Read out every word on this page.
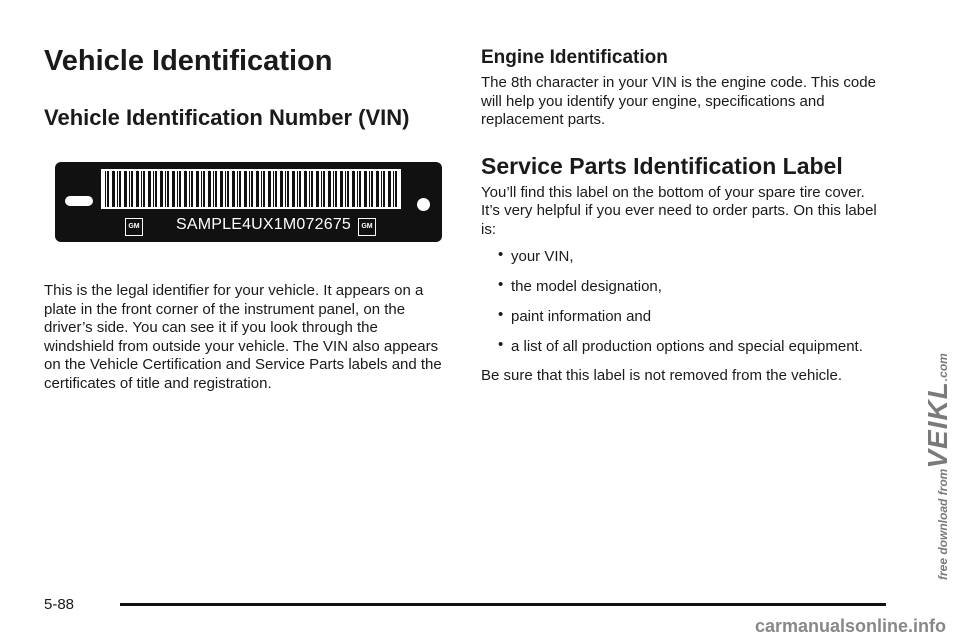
Vehicle Identification
Vehicle Identification Number (VIN)
GM	SAMPLE4UX1M072675	GM

This is the legal identifier for your vehicle. It appears on a plate in the front corner of the instrument panel, on the driver’s side. You can see it if you look through the windshield from outside your vehicle. The VIN also appears on the Vehicle Certification and Service Parts labels and the certificates of title and registration.

Engine Identification

The 8th character in your VIN is the engine code. This code will help you identify your engine, specifications and replacement parts.

Service Parts Identification Label

You’ll find this label on the bottom of your spare tire cover. It’s very helpful if you ever need to order parts. On this label is:

• your VIN,
• the model designation,
• paint information and
• a list of all production options and special equipment.

Be sure that this label is not removed from the vehicle.

5-88
free download from
VEIKL
.com
carmanualsonline.info
